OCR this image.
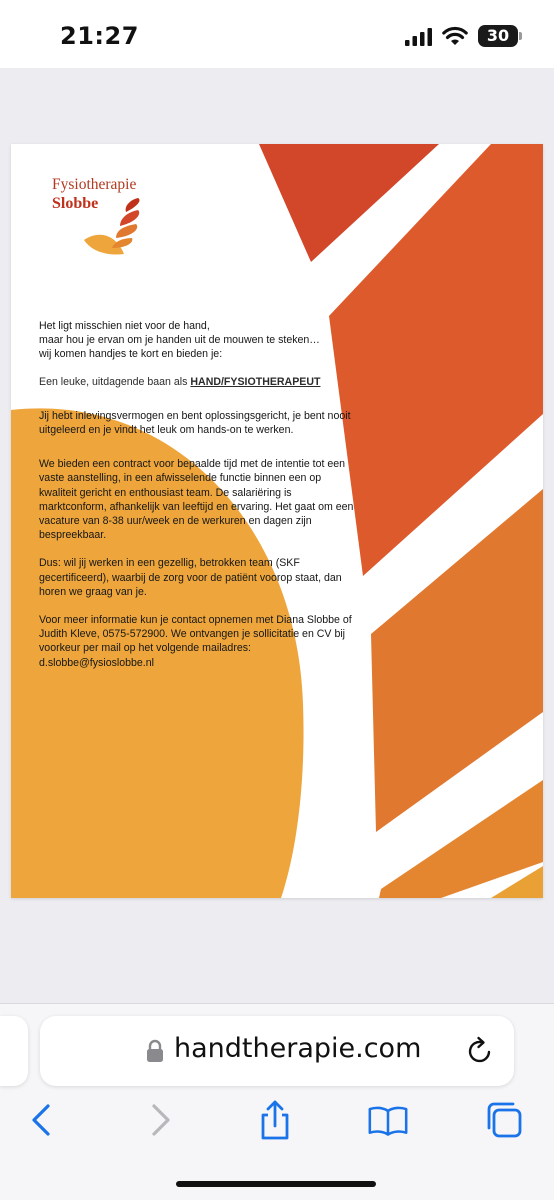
21:27	30
Fysiotherapie
Slobbe

Het ligt misschien niet voor de hand,
maar hou je ervan om je handen uit de mouwen te steken…
wij komen handjes te kort en bieden je:

Een leuke, uitdagende baan als HAND/FYSIOTHERAPEUT

Jij hebt inlevingsvermogen en bent oplossingsgericht, je bent nooit uitgeleerd en je vindt het leuk om hands-on te werken.

We bieden een contract voor bepaalde tijd met de intentie tot een vaste aanstelling, in een afwisselende functie binnen een op kwaliteit gericht en enthousiast team. De salariëring is marktconform, afhankelijk van leeftijd en ervaring. Het gaat om een vacature van 8-38 uur/week en de werkuren en dagen zijn bespreekbaar.

Dus: wil jij werken in een gezellig, betrokken team (SKF gecertificeerd), waarbij de zorg voor de patiënt voorop staat, dan horen we graag van je.

Voor meer informatie kun je contact opnemen met Diana Slobbe of Judith Kleve, 0575-572900. We ontvangen je sollicitatie en CV bij voorkeur per mail op het volgende mailadres: d.slobbe@fysioslobbe.nl

handtherapie.com
